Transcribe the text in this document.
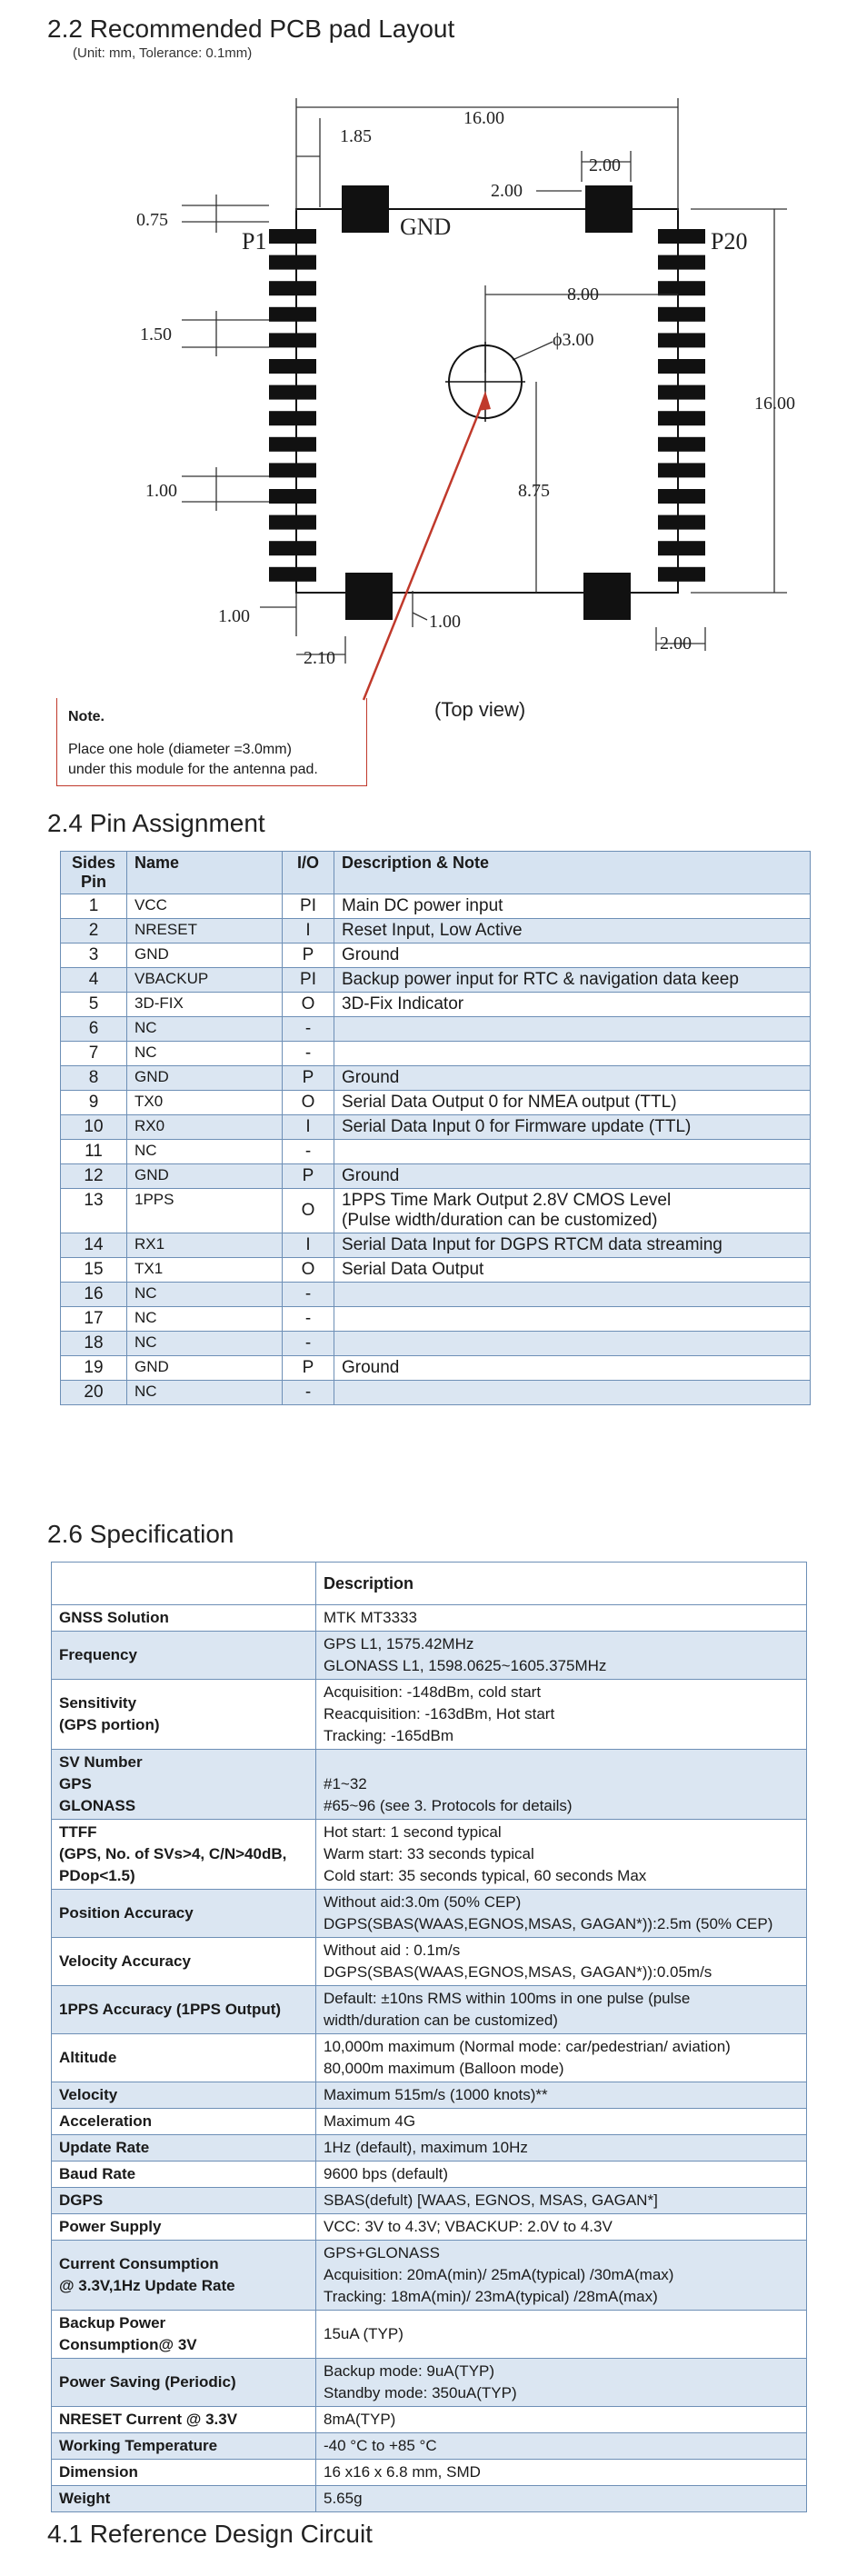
2.2 Recommended PCB pad Layout
(Unit: mm, Tolerance: 0.1mm)
P1	P20
GND
16.00
1.85
2.00
2.00
0.75
1.50
1.00
8.00
ϕ3.00
16.00
8.75
1.00	1.00
2.10
2.00
Note.
Place one hole (diameter =3.0mm)
under this module for the antenna pad.
(Top view)
2.4 Pin Assignment
Sides
Pin	Name	I/O	Description & Note
1	VCC	PI	Main DC power input

2	NRESET	I	Reset Input, Low Active

3	GND	P	Ground

4	VBACKUP	PI	Backup power input for RTC & navigation data keep

5	3D-FIX	O	3D-Fix Indicator

6	NC	-	

7	NC	-	

8	GND	P	Ground

9	TX0	O	Serial Data Output 0 for NMEA output (TTL)

10	RX0	I	Serial Data Input 0 for Firmware update (TTL)

11	NC	-	

12	GND	P	Ground

13	1PPS	O	1PPS Time Mark Output 2.8V CMOS Level
(Pulse width/duration can be customized)

14	RX1	I	Serial Data Input for DGPS RTCM data streaming

15	TX1	O	Serial Data Output

16	NC	-	

17	NC	-	

18	NC	-	

19	GND	P	Ground

20	NC	-	

2.6 Specification
	Description

GNSS Solution	MTK MT3333

Frequency	GPS L1, 1575.42MHz
GLONASS L1, 1598.0625~1605.375MHz

Sensitivity
(GPS portion)	Acquisition: -148dBm, cold start
Reacquisition: -163dBm, Hot start
Tracking: -165dBm

SV Number
GPS
GLONASS	#1~32
#65~96 (see 3. Protocols for details)

TTFF
(GPS, No. of SVs>4, C/N>40dB,
PDop<1.5)	Hot start: 1 second typical
Warm start: 33 seconds typical
Cold start: 35 seconds typical, 60 seconds Max

Position Accuracy	Without aid:3.0m (50% CEP)
DGPS(SBAS(WAAS,EGNOS,MSAS, GAGAN*)):2.5m (50% CEP)

Velocity Accuracy	Without aid : 0.1m/s
DGPS(SBAS(WAAS,EGNOS,MSAS, GAGAN*)):0.05m/s

1PPS Accuracy (1PPS Output)	Default: ±10ns RMS within 100ms in one pulse (pulse
width/duration can be customized)

Altitude	10,000m maximum (Normal mode: car/pedestrian/ aviation)
80,000m maximum (Balloon mode)

Velocity	Maximum 515m/s (1000 knots)**

Acceleration	Maximum 4G

Update Rate	1Hz (default), maximum 10Hz

Baud Rate	9600 bps (default)

DGPS	SBAS(defult) [WAAS, EGNOS, MSAS, GAGAN*]

Power Supply	VCC: 3V to 4.3V; VBACKUP: 2.0V to 4.3V

Current Consumption
@ 3.3V,1Hz Update Rate	GPS+GLONASS
Acquisition: 20mA(min)/ 25mA(typical) /30mA(max)
Tracking: 18mA(min)/ 23mA(typical) /28mA(max)

Backup Power
Consumption@ 3V	15uA (TYP)

Power Saving (Periodic)	Backup mode: 9uA(TYP)
Standby mode: 350uA(TYP)

NRESET Current @ 3.3V	8mA(TYP)

Working Temperature	-40 °C to +85 °C

Dimension	16 x16 x 6.8 mm, SMD

Weight	5.65g
4.1 Reference Design Circuit
